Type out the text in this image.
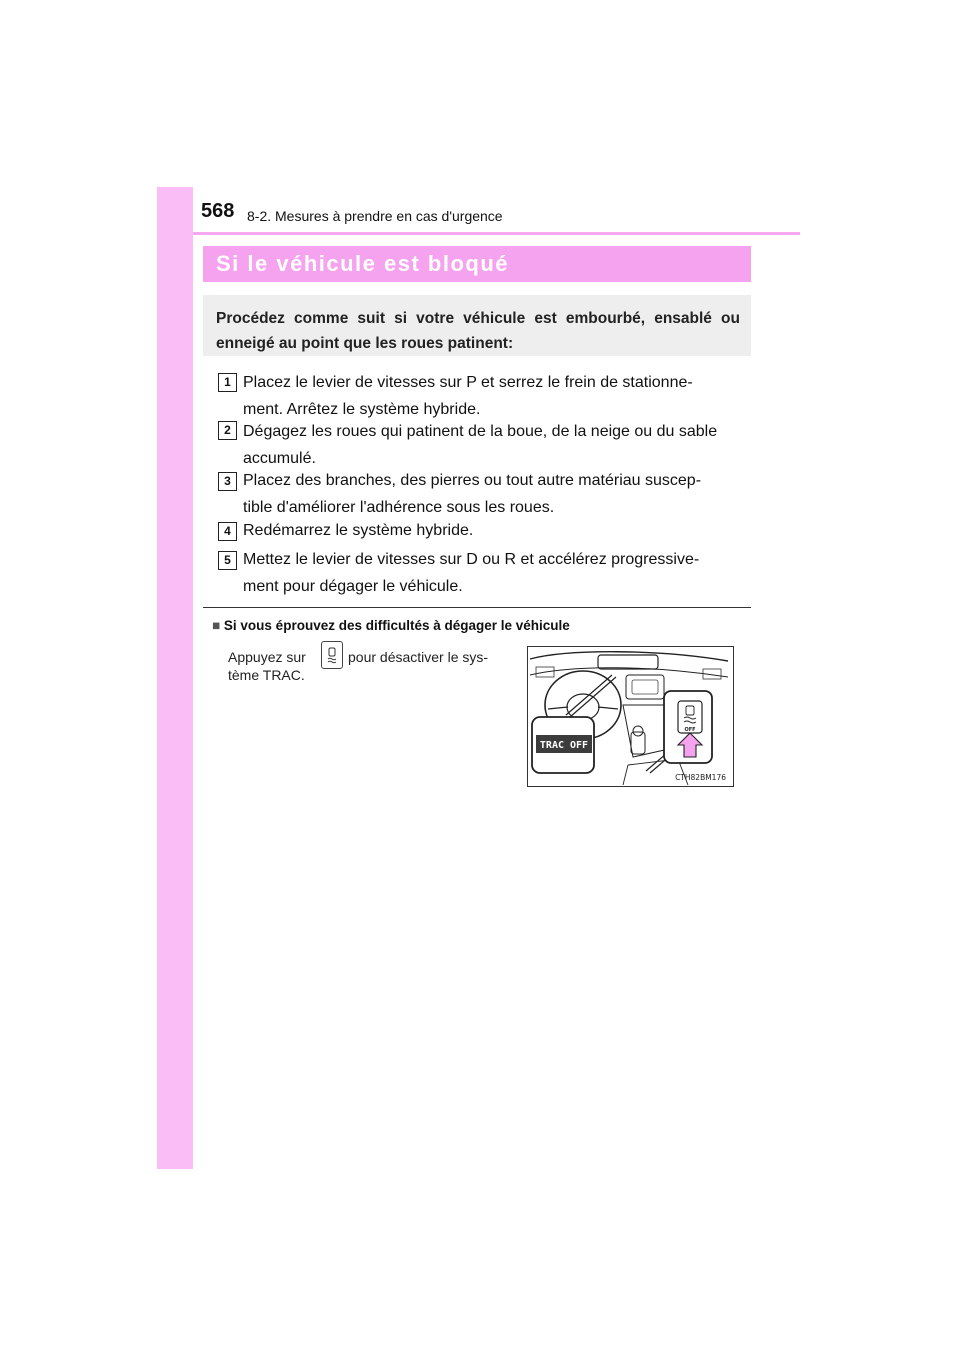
568 8-2. Mesures à prendre en cas d'urgence
Si le véhicule est bloqué
Procédez comme suit si votre véhicule est embourbé, ensablé ou enneigé au point que les roues patinent:
1 Placez le levier de vitesses sur P et serrez le frein de stationne-
ment. Arrêtez le système hybride.
2 Dégagez les roues qui patinent de la boue, de la neige ou du sable
accumulé.
3 Placez des branches, des pierres ou tout autre matériau suscep-
tible d'améliorer l'adhérence sous les roues.
4 Redémarrez le système hybride.
5 Mettez le levier de vitesses sur D ou R et accélérez progressive-
ment pour dégager le véhicule.
■ Si vous éprouvez des difficultés à dégager le véhicule
Appuyez sur	pour désactiver le sys-
tème TRAC.
TRAC OFF
OFF
CTH82BM176
